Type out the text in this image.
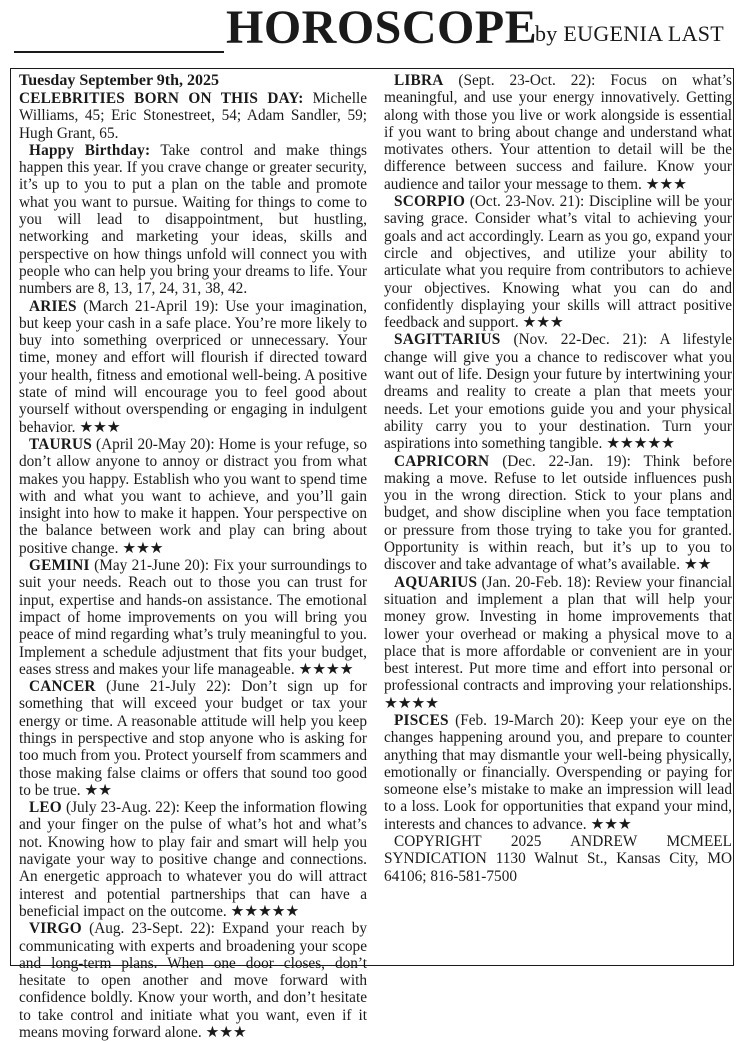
HOROSCOPE
by EUGENIA LAST

Tuesday September 9th, 2025

CELEBRITIES BORN ON THIS DAY: Michelle Williams, 45; Eric Stonestreet, 54; Adam Sandler, 59; Hugh Grant, 65.

Happy Birthday: Take control and make things happen this year. If you crave change or greater security, it’s up to you to put a plan on the table and promote what you want to pursue. Waiting for things to come to you will lead to disappointment, but hustling, networking and marketing your ideas, skills and perspective on how things unfold will connect you with people who can help you bring your dreams to life. Your numbers are 8, 13, 17, 24, 31, 38, 42.

ARIES (March 21-April 19): Use your imagination, but keep your cash in a safe place. You’re more likely to buy into something overpriced or unnecessary. Your time, money and effort will flourish if directed toward your health, fitness and emotional well-being. A positive state of mind will encourage you to feel good about yourself without overspending or engaging in indulgent behavior. ★★★

TAURUS (April 20-May 20): Home is your refuge, so don’t allow anyone to annoy or distract you from what makes you happy. Establish who you want to spend time with and what you want to achieve, and you’ll gain insight into how to make it happen. Your perspective on the balance between work and play can bring about positive change. ★★★

GEMINI (May 21-June 20): Fix your surroundings to suit your needs. Reach out to those you can trust for input, expertise and hands-on assistance. The emotional impact of home improvements on you will bring you peace of mind regarding what’s truly meaningful to you. Implement a schedule adjustment that fits your budget, eases stress and makes your life manageable. ★★★★

CANCER (June 21-July 22): Don’t sign up for something that will exceed your budget or tax your energy or time. A reasonable attitude will help you keep things in perspective and stop anyone who is asking for too much from you. Protect yourself from scammers and those making false claims or offers that sound too good to be true. ★★

LEO (July 23-Aug. 22): Keep the information flowing and your finger on the pulse of what’s hot and what’s not. Knowing how to play fair and smart will help you navigate your way to positive change and connections. An energetic approach to whatever you do will attract interest and potential partnerships that can have a beneficial impact on the outcome. ★★★★★

VIRGO (Aug. 23-Sept. 22): Expand your reach by communicating with experts and broadening your scope and long-term plans. When one door closes, don’t hesitate to open another and move forward with confidence boldly. Know your worth, and don’t hesitate to take control and initiate what you want, even if it means moving forward alone. ★★★

LIBRA (Sept. 23-Oct. 22): Focus on what’s meaningful, and use your energy innovatively. Getting along with those you live or work alongside is essential if you want to bring about change and understand what motivates others. Your attention to detail will be the difference between success and failure. Know your audience and tailor your message to them. ★★★

SCORPIO (Oct. 23-Nov. 21): Discipline will be your saving grace. Consider what’s vital to achieving your goals and act accordingly. Learn as you go, expand your circle and objectives, and utilize your ability to articulate what you require from contributors to achieve your objectives. Knowing what you can do and confidently displaying your skills will attract positive feedback and support. ★★★

SAGITTARIUS (Nov. 22-Dec. 21): A lifestyle change will give you a chance to rediscover what you want out of life. Design your future by intertwining your dreams and reality to create a plan that meets your needs. Let your emotions guide you and your physical ability carry you to your destination. Turn your aspirations into something tangible. ★★★★★

CAPRICORN (Dec. 22-Jan. 19): Think before making a move. Refuse to let outside influences push you in the wrong direction. Stick to your plans and budget, and show discipline when you face temptation or pressure from those trying to take you for granted. Opportunity is within reach, but it’s up to you to discover and take advantage of what’s available. ★★

AQUARIUS (Jan. 20-Feb. 18): Review your financial situation and implement a plan that will help your money grow. Investing in home improvements that lower your overhead or making a physical move to a place that is more affordable or convenient are in your best interest. Put more time and effort into personal or professional contracts and improving your relationships. ★★★★

PISCES (Feb. 19-March 20): Keep your eye on the changes happening around you, and prepare to counter anything that may dismantle your well-being physically, emotionally or financially. Overspending or paying for someone else’s mistake to make an impression will lead to a loss. Look for opportunities that expand your mind, interests and chances to advance. ★★★

COPYRIGHT 2025 ANDREW MCMEEL SYNDICATION 1130 Walnut St., Kansas City, MO 64106; 816-581-7500
